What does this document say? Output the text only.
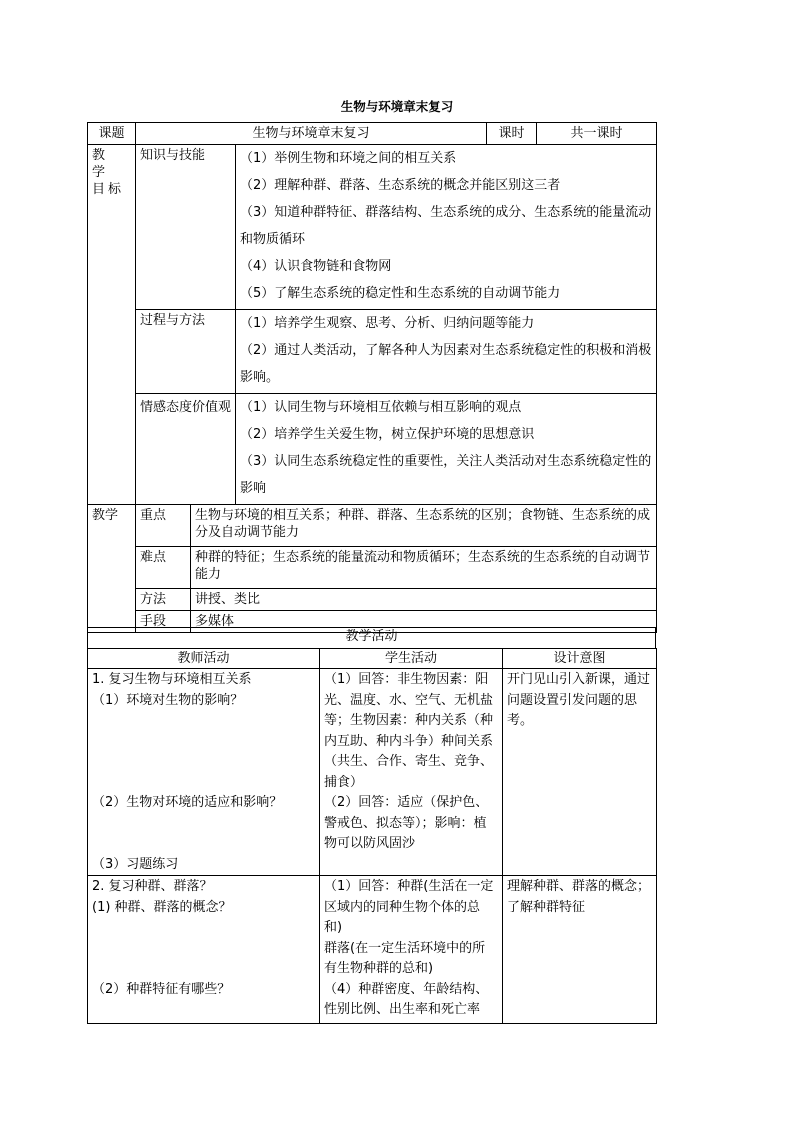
生物与环境章末复习
课题	生物与环境章末复习			课时	共一课时
教 学 目标	知识与技能		（1）举例生物和环境之间的相互关系
（2）理解种群、群落、生态系统的概念并能区别这三者
（3）知道种群特征、群落结构、生态系统的成分、生态系统的能量流动和物质循环
（4）认识食物链和食物网
（5）了解生态系统的稳定性和生态系统的自动调节能力		

	过程与方法		（1）培养学生观察、思考、分析、归纳问题等能力
（2）通过人类活动，了解各种人为因素对生态系统稳定性的积极和消极影响。		

	情感态度价值观		（1）认同生物与环境相互依赖与相互影响的观点
（2）培养学生关爱生物，树立保护环境的思想意识
（3）认同生态系统稳定性的重要性，关注人类活动对生态系统稳定性的影响		

教学	重点	生物与环境的相互关系；种群、群落、生态系统的区别；食物链、生态系统的成分及自动调节能力			
	难点	种群的特征；生态系统的能量流动和物质循环；生态系统的生态系统的自动调节能力			
	方法	讲授、类比			
	手段	多媒体			
教学活动
教师活动	学生活动	设计意图

1. 复习生物与环境相互关系
（1）环境对生物的影响？
（2）生物对环境的适应和影响？
（3）习题练习	（1）回答：非生物因素：阳光、温度、水、空气、无机盐等；生物因素：种内关系（种内互助、种内斗争）种间关系（共生、合作、寄生、竞争、捕食）
（2）回答：适应（保护色、警戒色、拟态等）；影响：植物可以防风固沙	开门见山引入新课，通过问题设置引发问题的思考。

2. 复习种群、群落？
(1) 种群、群落的概念？
（2）种群特征有哪些？	（1）回答：种群(生活在一定区域内的同种生物个体的总和)
群落(在一定生活环境中的所有生物种群的总和)
（4）种群密度、年龄结构、性别比例、出生率和死亡率	理解种群、群落的概念；了解种群特征
